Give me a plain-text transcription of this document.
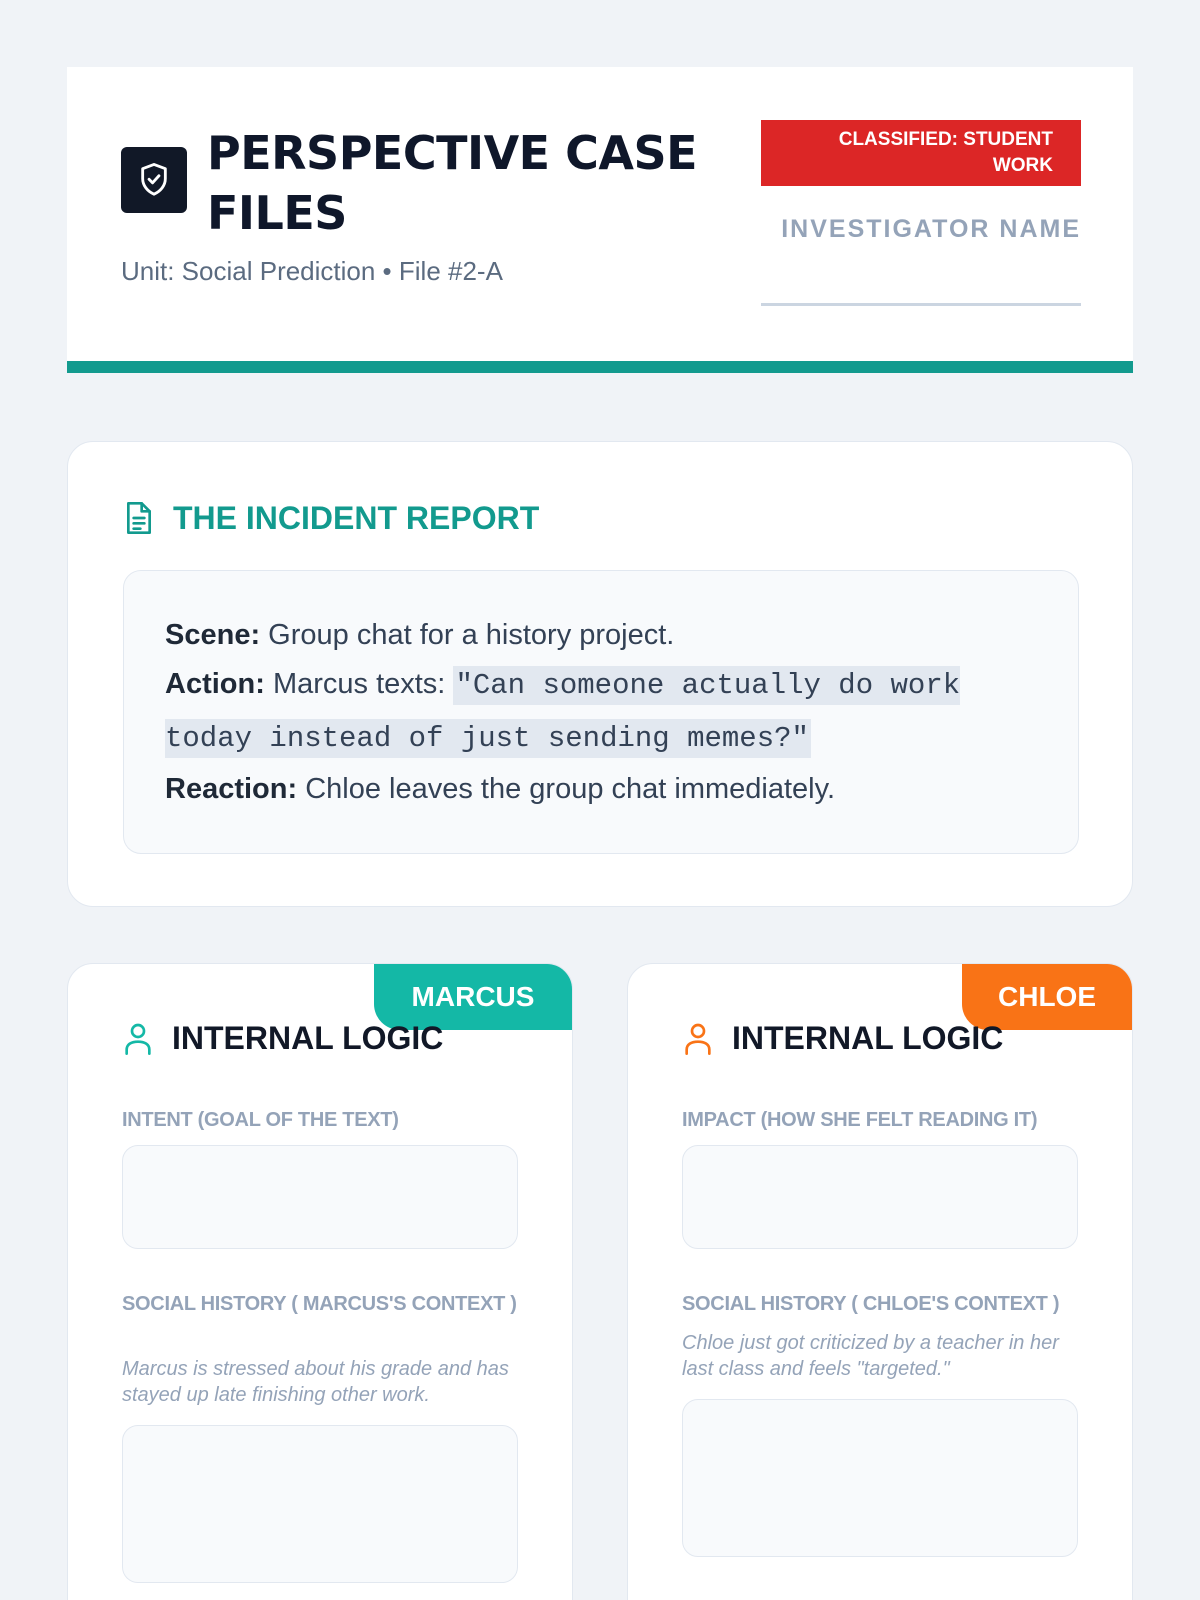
PERSPECTIVE CASE FILES
Unit: Social Prediction • File #2-A
CLASSIFIED: STUDENT WORK
INVESTIGATOR NAME
THE INCIDENT REPORT
Scene: Group chat for a history project.
Action: Marcus texts: "Can someone actually do work today instead of just sending memes?"
Reaction: Chloe leaves the group chat immediately.
MARCUS
INTERNAL LOGIC
INTENT (GOAL OF THE TEXT)
SOCIAL HISTORY ( MARCUS'S CONTEXT )
Marcus is stressed about his grade and has stayed up late finishing other work.
CHLOE
INTERNAL LOGIC
IMPACT (HOW SHE FELT READING IT)
SOCIAL HISTORY ( CHLOE'S CONTEXT )
Chloe just got criticized by a teacher in her last class and feels "targeted."
